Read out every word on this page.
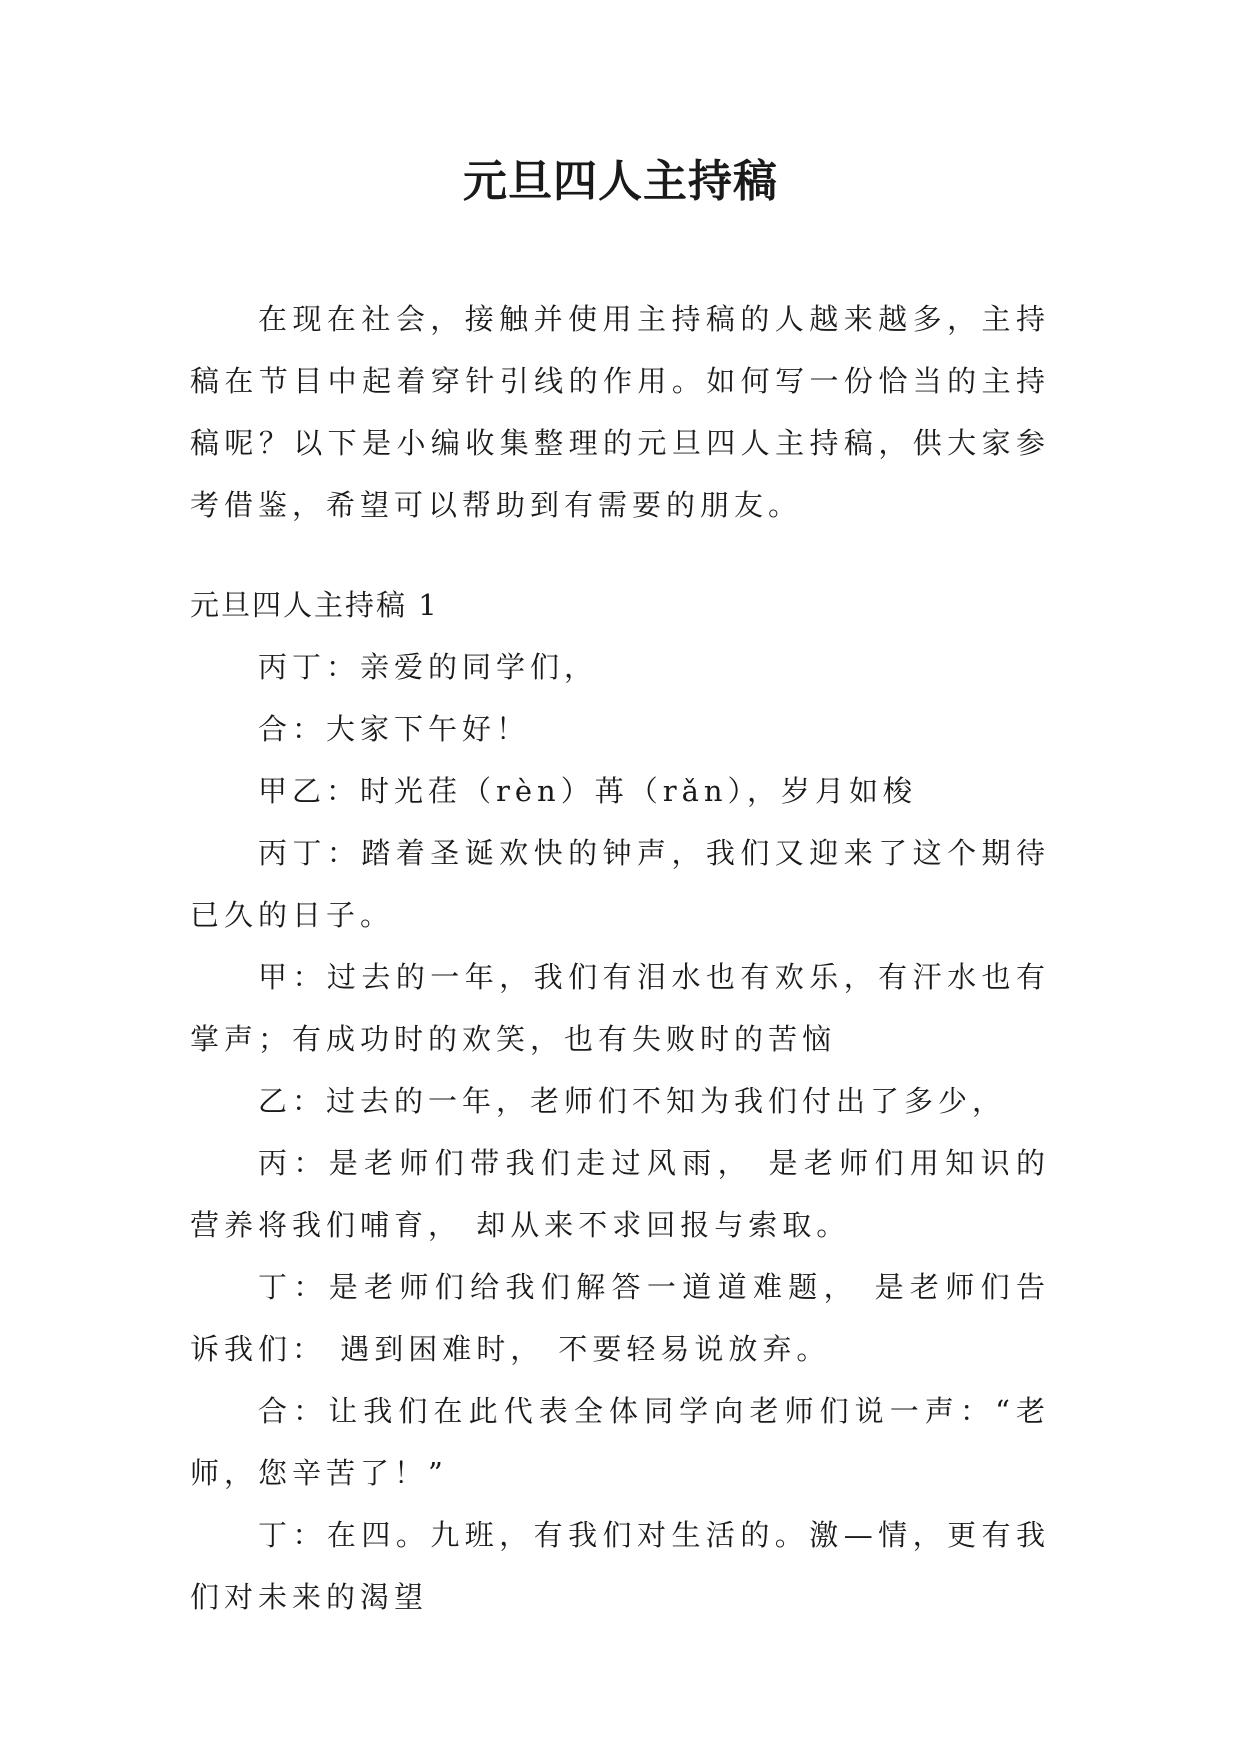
元旦四人主持稿

在现在社会，接触并使用主持稿的人越来越多，主持稿在节目中起着穿针引线的作用。如何写一份恰当的主持稿呢？以下是小编收集整理的元旦四人主持稿，供大家参考借鉴，希望可以帮助到有需要的朋友。

元旦四人主持稿 1

丙丁：亲爱的同学们，

合：大家下午好！

甲乙：时光荏（rèn）苒（rǎn），岁月如梭

丙丁：踏着圣诞欢快的钟声，我们又迎来了这个期待已久的日子。

甲：过去的一年，我们有泪水也有欢乐，有汗水也有掌声；有成功时的欢笑，也有失败时的苦恼

乙：过去的一年，老师们不知为我们付出了多少，

丙：是老师们带我们走过风雨， 是老师们用知识的营养将我们哺育， 却从来不求回报与索取。

丁：是老师们给我们解答一道道难题， 是老师们告诉我们： 遇到困难时， 不要轻易说放弃。

合：让我们在此代表全体同学向老师们说一声：“老师，您辛苦了！”

丁：在四。九班，有我们对生活的。激—情，更有我们对未来的渴望
